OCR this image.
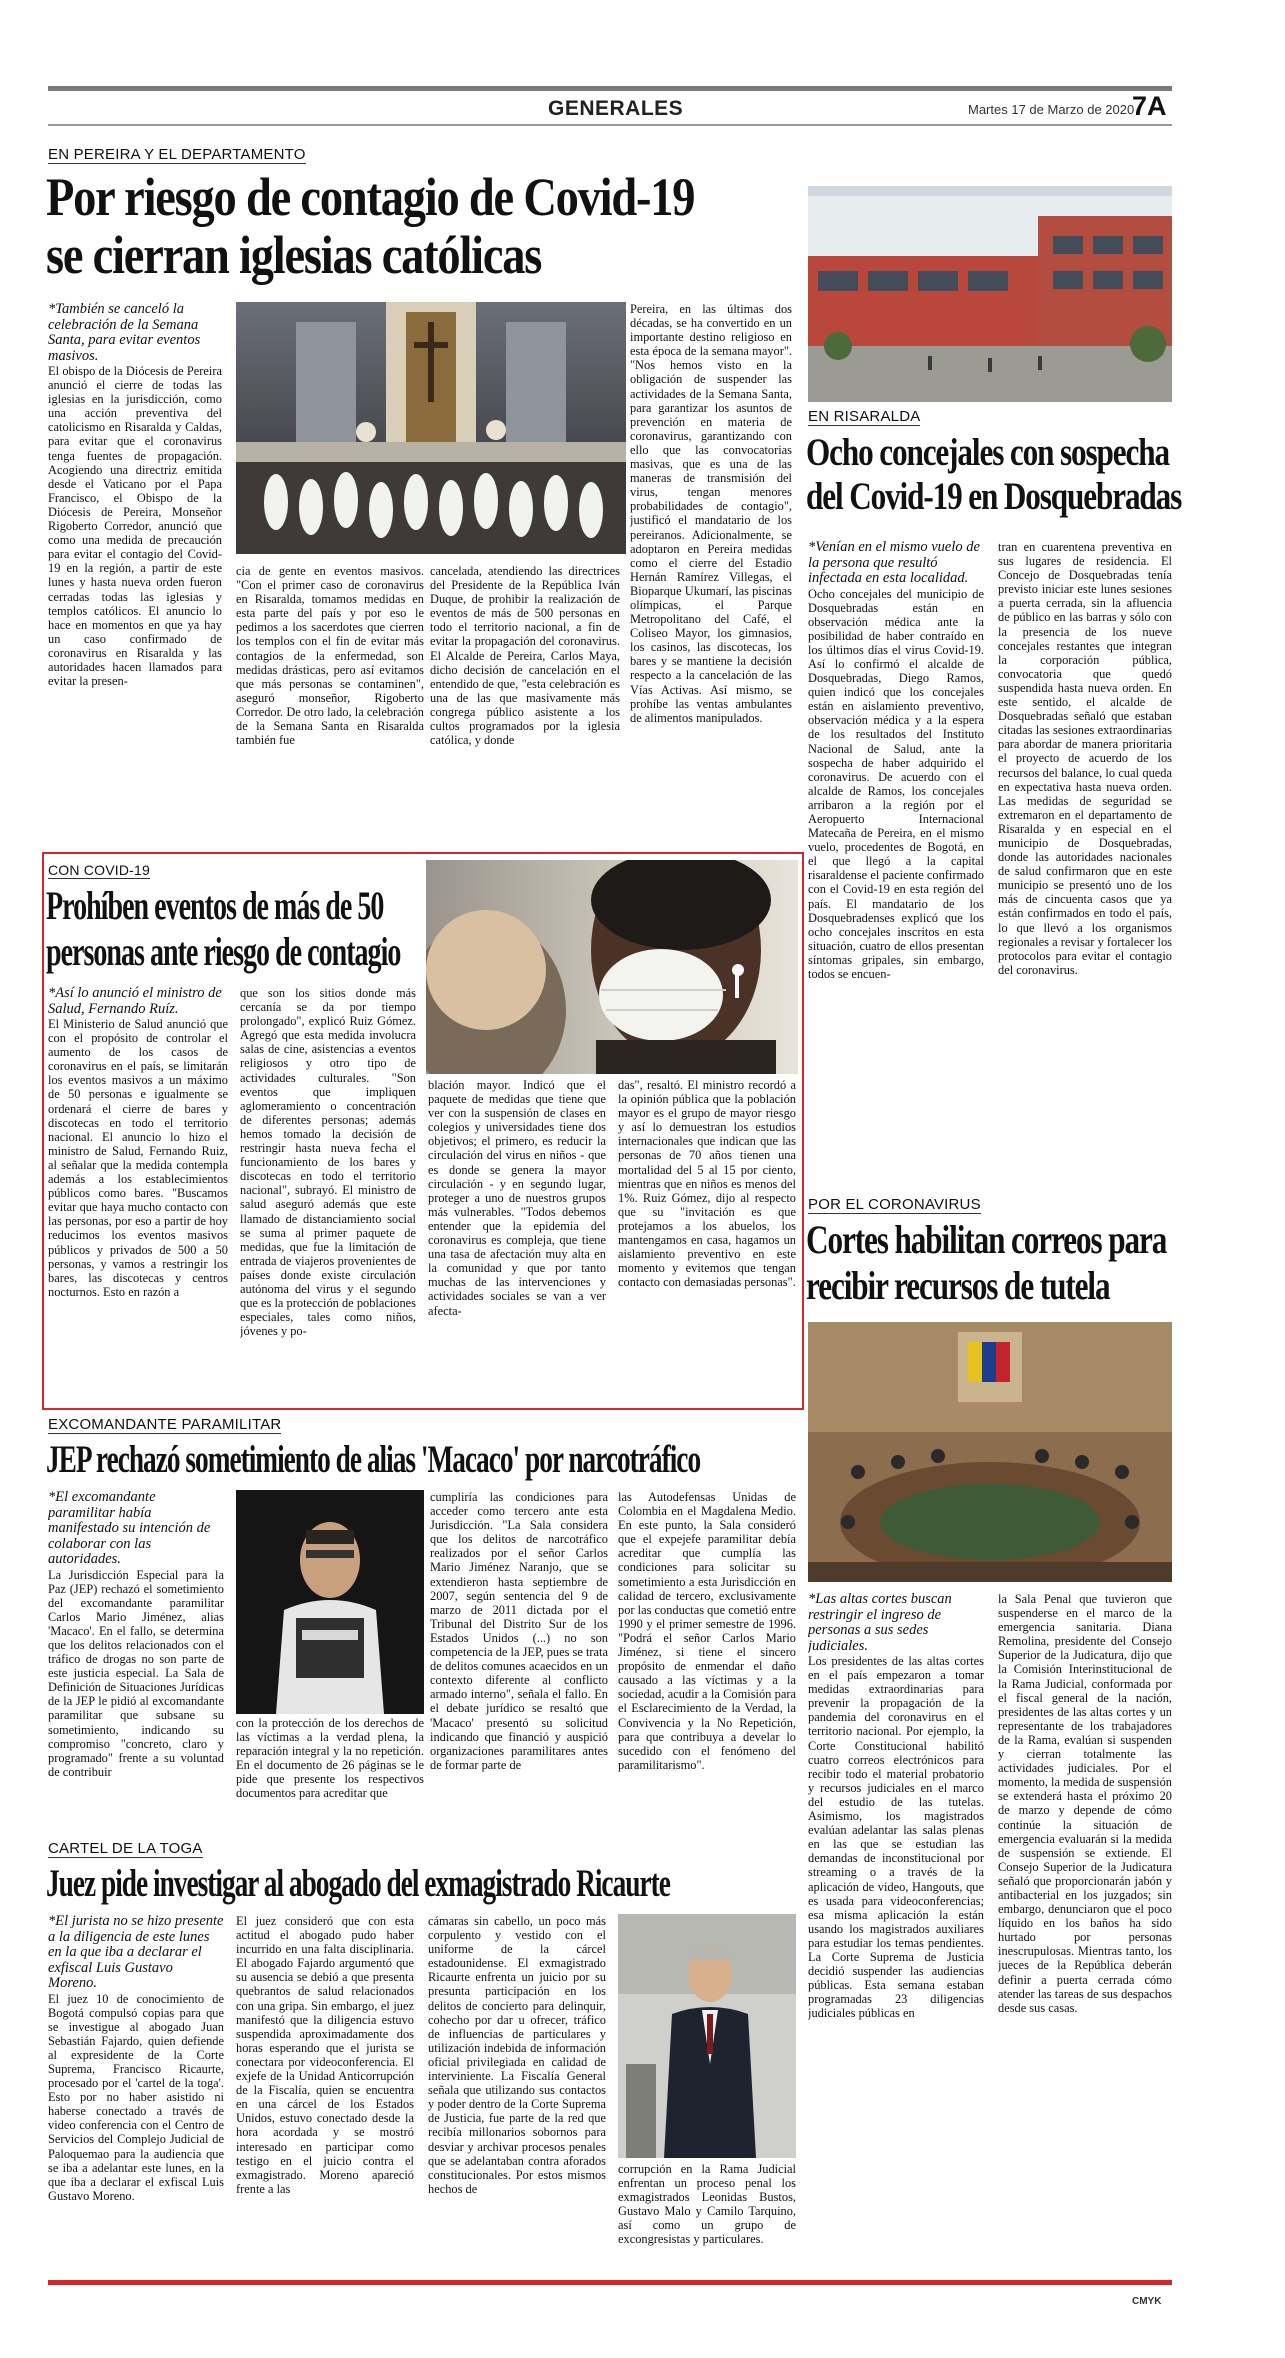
GENERALES	Martes 17 de Marzo de 2020
7A
EN PEREIRA Y EL DEPARTAMENTO
Por riesgo de contagio de Covid-19
se cierran iglesias católicas

*También se canceló la celebración de la Semana Santa, para evitar eventos masivos.

El obispo de la Diócesis de Pereira anunció el cierre de todas las iglesias en la jurisdicción, como una acción preventiva del catolicismo en Risaralda y Caldas, para evitar que el coronavirus tenga fuentes de propagación. Acogiendo una directriz emitida desde el Vaticano por el Papa Francisco, el Obispo de la Diócesis de Pereira, Monseñor Rigoberto Corredor, anunció que como una medida de precaución para evitar el contagio del Covid-19 en la región, a partir de este lunes y hasta nueva orden fueron cerradas todas las iglesias y templos católicos. El anuncio lo hace en momentos en que ya hay un caso confirmado de coronavirus en Risaralda y las autoridades hacen llamados para evitar la presen-

cia de gente en eventos masivos. "Con el primer caso de coronavirus en Risaralda, tomamos medidas en esta parte del país y por eso le pedimos a los sacerdotes que cierren los templos con el fin de evitar más contagios de la enfermedad, son medidas drásticas, pero así evitamos que más personas se contaminen", aseguró monseñor, Rigoberto Corredor. De otro lado, la celebración de la Semana Santa en Risaralda también fue

cancelada, atendiendo las directrices del Presidente de la República Iván Duque, de prohibir la realización de eventos de más de 500 personas en todo el territorio nacional, a fin de evitar la propagación del coronavirus. El Alcalde de Pereira, Carlos Maya, dicho decisión de cancelación en el entendido de que, "esta celebración es una de las que masivamente más congrega público asistente a los cultos programados por la iglesia católica, y donde

Pereira, en las últimas dos décadas, se ha convertido en un importante destino religioso en esta época de la semana mayor". "Nos hemos visto en la obligación de suspender las actividades de la Semana Santa, para garantizar los asuntos de prevención en materia de coronavirus, garantizando con ello que las convocatorias masivas, que es una de las maneras de transmisión del virus, tengan menores probabilidades de contagio", justificó el mandatario de los pereiranos. Adicionalmente, se adoptaron en Pereira medidas como el cierre del Estadio Hernán Ramírez Villegas, el Bioparque Ukumarí, las piscinas olímpicas, el Parque Metropolitano del Café, el Coliseo Mayor, los gimnasios, los casinos, las discotecas, los bares y se mantiene la decisión respecto a la cancelación de las Vías Activas. Así mismo, se prohíbe las ventas ambulantes de alimentos manipulados.

EN RISARALDA
Ocho concejales con sospecha
del Covid-19 en Dosquebradas

*Venían en el mismo vuelo de la persona que resultó infectada en esta localidad.

Ocho concejales del municipio de Dosquebradas están en observación médica ante la posibilidad de haber contraído en los últimos días el virus Covid-19. Así lo confirmó el alcalde de Dosquebradas, Diego Ramos, quien indicó que los concejales están en aislamiento preventivo, observación médica y a la espera de los resultados del Instituto Nacional de Salud, ante la sospecha de haber adquirido el coronavirus. De acuerdo con el alcalde de Ramos, los concejales arribaron a la región por el Aeropuerto Internacional Matecaña de Pereira, en el mismo vuelo, procedentes de Bogotá, en el que llegó a la capital risaraldense el paciente confirmado con el Covid-19 en esta región del país. El mandatario de los Dosquebradenses explicó que los ocho concejales inscritos en esta situación, cuatro de ellos presentan síntomas gripales, sin embargo, todos se encuen-

tran en cuarentena preventiva en sus lugares de residencia. El Concejo de Dosquebradas tenía previsto iniciar este lunes sesiones a puerta cerrada, sin la afluencia de público en las barras y sólo con la presencia de los nueve concejales restantes que integran la corporación pública, convocatoria que quedó suspendida hasta nueva orden. En este sentido, el alcalde de Dosquebradas señaló que estaban citadas las sesiones extraordinarias para abordar de manera prioritaria el proyecto de acuerdo de los recursos del balance, lo cual queda en expectativa hasta nueva orden. Las medidas de seguridad se extremaron en el departamento de Risaralda y en especial en el municipio de Dosquebradas, donde las autoridades nacionales de salud confirmaron que en este municipio se presentó uno de los más de cincuenta casos que ya están confirmados en todo el país, lo que llevó a los organismos regionales a revisar y fortalecer los protocolos para evitar el contagio del coronavirus.

CON COVID-19
Prohíben eventos de más de 50
personas ante riesgo de contagio

*Así lo anunció el ministro de Salud, Fernando Ruíz.

El Ministerio de Salud anunció que con el propósito de controlar el aumento de los casos de coronavirus en el país, se limitarán los eventos masivos a un máximo de 50 personas e igualmente se ordenará el cierre de bares y discotecas en todo el territorio nacional. El anuncio lo hizo el ministro de Salud, Fernando Ruiz, al señalar que la medida contempla además a los establecimientos públicos como bares. "Buscamos evitar que haya mucho contacto con las personas, por eso a partir de hoy reducimos los eventos masivos públicos y privados de 500 a 50 personas, y vamos a restringir los bares, las discotecas y centros nocturnos. Esto en razón a

que son los sitios donde más cercanía se da por tiempo prolongado", explicó Ruiz Gómez. Agregó que esta medida involucra salas de cine, asistencias a eventos religiosos y otro tipo de actividades culturales. "Son eventos que impliquen aglomeramiento o concentración de diferentes personas; además hemos tomado la decisión de restringir hasta nueva fecha el funcionamiento de los bares y discotecas en todo el territorio nacional", subrayó. El ministro de salud aseguró además que este llamado de distanciamiento social se suma al primer paquete de medidas, que fue la limitación de entrada de viajeros provenientes de países donde existe circulación autónoma del virus y el segundo que es la protección de poblaciones especiales, tales como niños, jóvenes y po-

blación mayor. Indicó que el paquete de medidas que tiene que ver con la suspensión de clases en colegios y universidades tiene dos objetivos; el primero, es reducir la circulación del virus en niños - que es donde se genera la mayor circulación - y en segundo lugar, proteger a uno de nuestros grupos más vulnerables. "Todos debemos entender que la epidemia del coronavirus es compleja, que tiene una tasa de afectación muy alta en la comunidad y que por tanto muchas de las intervenciones y actividades sociales se van a ver afecta-

das", resaltó. El ministro recordó a la opinión pública que la población mayor es el grupo de mayor riesgo y así lo demuestran los estudios internacionales que indican que las personas de 70 años tienen una mortalidad del 5 al 15 por ciento, mientras que en niños es menos del 1%. Ruiz Gómez, dijo al respecto que su "invitación es que protejamos a los abuelos, los mantengamos en casa, hagamos un aislamiento preventivo en este momento y evitemos que tengan contacto con demasiadas personas".

POR EL CORONAVIRUS
Cortes habilitan correos para
recibir recursos de tutela

*Las altas cortes buscan restringir el ingreso de personas a sus sedes judiciales.

Los presidentes de las altas cortes en el país empezaron a tomar medidas extraordinarias para prevenir la propagación de la pandemia del coronavirus en el territorio nacional. Por ejemplo, la Corte Constitucional habilitó cuatro correos electrónicos para recibir todo el material probatorio y recursos judiciales en el marco del estudio de las tutelas. Asimismo, los magistrados evalúan adelantar las salas plenas en las que se estudian las demandas de inconstitucional por streaming o a través de la aplicación de video, Hangouts, que es usada para videoconferencias; esa misma aplicación la están usando los magistrados auxiliares para estudiar los temas pendientes. La Corte Suprema de Justicia decidió suspender las audiencias públicas. Esta semana estaban programadas 23 diligencias judiciales públicas en

la Sala Penal que tuvieron que suspenderse en el marco de la emergencia sanitaria. Diana Remolina, presidente del Consejo Superior de la Judicatura, dijo que la Comisión Interinstitucional de la Rama Judicial, conformada por el fiscal general de la nación, presidentes de las altas cortes y un representante de los trabajadores de la Rama, evalúan si suspenden y cierran totalmente las actividades judiciales. Por el momento, la medida de suspensión se extenderá hasta el próximo 20 de marzo y depende de cómo continúe la situación de emergencia evaluarán si la medida de suspensión se extiende. El Consejo Superior de la Judicatura señaló que proporcionarán jabón y antibacterial en los juzgados; sin embargo, denunciaron que el poco líquido en los baños ha sido hurtado por personas inescrupulosas. Mientras tanto, los jueces de la República deberán definir a puerta cerrada cómo atender las tareas de sus despachos desde sus casas.

EXCOMANDANTE PARAMILITAR
JEP rechazó sometimiento de alias 'Macaco' por narcotráfico

*El excomandante paramilitar había manifestado su intención de colaborar con las autoridades.

La Jurisdicción Especial para la Paz (JEP) rechazó el sometimiento del excomandante paramilitar Carlos Mario Jiménez, alias 'Macaco'. En el fallo, se determina que los delitos relacionados con el tráfico de drogas no son parte de este justicia especial. La Sala de Definición de Situaciones Jurídicas de la JEP le pidió al excomandante paramilitar que subsane su sometimiento, indicando su compromiso "concreto, claro y programado" frente a su voluntad de contribuir

con la protección de los derechos de las víctimas a la verdad plena, la reparación integral y la no repetición. En el documento de 26 páginas se le pide que presente los respectivos documentos para acreditar que

cumpliría las condiciones para acceder como tercero ante esta Jurisdicción. "La Sala considera que los delitos de narcotráfico realizados por el señor Carlos Mario Jiménez Naranjo, que se extendieron hasta septiembre de 2007, según sentencia del 9 de marzo de 2011 dictada por el Tribunal del Distrito Sur de los Estados Unidos (...) no son competencia de la JEP, pues se trata de delitos comunes acaecidos en un contexto diferente al conflicto armado interno", señala el fallo. En el debate jurídico se resaltó que 'Macaco' presentó su solicitud indicando que financió y auspició organizaciones paramilitares antes de formar parte de

las Autodefensas Unidas de Colombia en el Magdalena Medio. En este punto, la Sala consideró que el expejefe paramilitar debía acreditar que cumplía las condiciones para solicitar su sometimiento a esta Jurisdicción en calidad de tercero, exclusivamente por las conductas que cometió entre 1990 y el primer semestre de 1996. "Podrá el señor Carlos Mario Jiménez, si tiene el sincero propósito de enmendar el daño causado a las víctimas y a la sociedad, acudir a la Comisión para el Esclarecimiento de la Verdad, la Convivencia y la No Repetición, para que contribuya a develar lo sucedido con el fenómeno del paramilitarismo".

CARTEL DE LA TOGA
Juez pide investigar al abogado del exmagistrado Ricaurte

*El jurista no se hizo presente a la diligencia de este lunes en la que iba a declarar el exfiscal Luis Gustavo Moreno.

El juez 10 de conocimiento de Bogotá compulsó copias para que se investigue al abogado Juan Sebastián Fajardo, quien defiende al expresidente de la Corte Suprema, Francisco Ricaurte, procesado por el 'cartel de la toga'. Esto por no haber asistido ni haberse conectado a través de video conferencia con el Centro de Servicios del Complejo Judicial de Paloquemao para la audiencia que se iba a adelantar este lunes, en la que iba a declarar el exfiscal Luis Gustavo Moreno.

El juez consideró que con esta actitud el abogado pudo haber incurrido en una falta disciplinaria. El abogado Fajardo argumentó que su ausencia se debió a que presenta quebrantos de salud relacionados con una gripa. Sin embargo, el juez manifestó que la diligencia estuvo suspendida aproximadamente dos horas esperando que el jurista se conectara por videoconferencia. El exjefe de la Unidad Anticorrupción de la Fiscalía, quien se encuentra en una cárcel de los Estados Unidos, estuvo conectado desde la hora acordada y se mostró interesado en participar como testigo en el juicio contra el exmagistrado. Moreno apareció frente a las

cámaras sin cabello, un poco más corpulento y vestido con el uniforme de la cárcel estadounidense. El exmagistrado Ricaurte enfrenta un juicio por su presunta participación en los delitos de concierto para delinquir, cohecho por dar u ofrecer, tráfico de influencias de particulares y utilización indebida de información oficial privilegiada en calidad de interviniente. La Fiscalía General señala que utilizando sus contactos y poder dentro de la Corte Suprema de Justicia, fue parte de la red que recibía millonarios sobornos para desviar y archivar procesos penales que se adelantaban contra aforados constitucionales. Por estos mismos hechos de

corrupción en la Rama Judicial enfrentan un proceso penal los exmagistrados Leonidas Bustos, Gustavo Malo y Camilo Tarquino, así como un grupo de excongresistas y particulares.

CMYK
